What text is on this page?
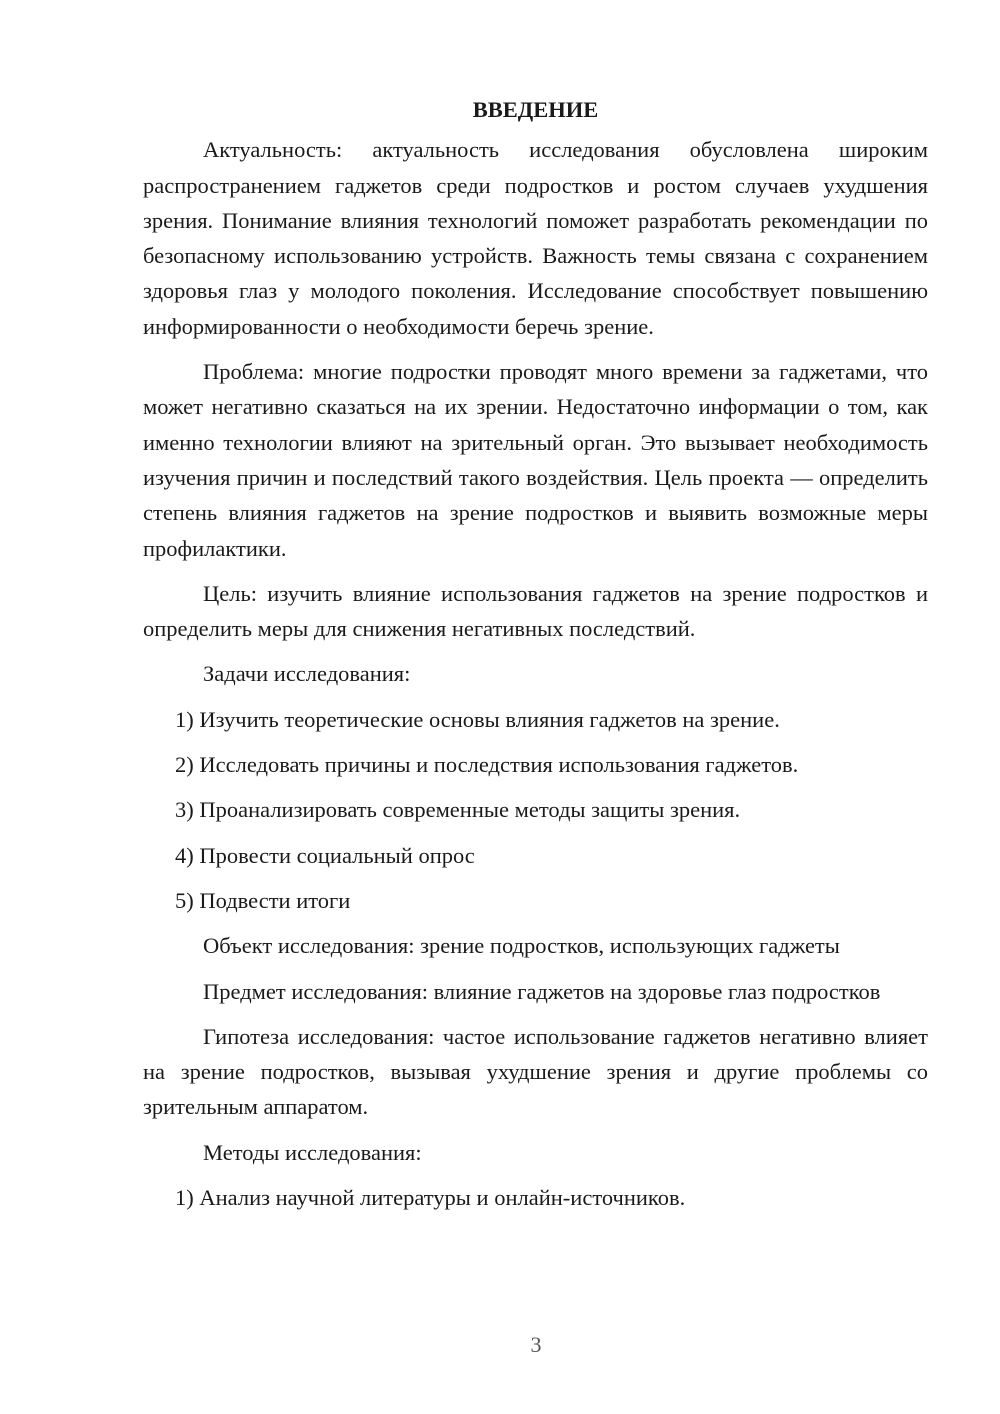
ВВЕДЕНИЕ
Актуальность: актуальность исследования обусловлена широким распространением гаджетов среди подростков и ростом случаев ухудшения зрения. Понимание влияния технологий поможет разработать рекомендации по безопасному использованию устройств. Важность темы связана с сохранением здоровья глаз у молодого поколения. Исследование способствует повышению информированности о необходимости беречь зрение.
Проблема: многие подростки проводят много времени за гаджетами, что может негативно сказаться на их зрении. Недостаточно информации о том, как именно технологии влияют на зрительный орган. Это вызывает необходимость изучения причин и последствий такого воздействия. Цель проекта — определить степень влияния гаджетов на зрение подростков и выявить возможные меры профилактики.
Цель: изучить влияние использования гаджетов на зрение подростков и определить меры для снижения негативных последствий.
Задачи исследования:
1) Изучить теоретические основы влияния гаджетов на зрение.
2) Исследовать причины и последствия использования гаджетов.
3) Проанализировать современные методы защиты зрения.
4) Провести социальный опрос
5) Подвести итоги
Объект исследования: зрение подростков, использующих гаджеты
Предмет исследования: влияние гаджетов на здоровье глаз подростков
Гипотеза исследования: частое использование гаджетов негативно влияет на зрение подростков, вызывая ухудшение зрения и другие проблемы со зрительным аппаратом.
Методы исследования:
1) Анализ научной литературы и онлайн-источников.
3
